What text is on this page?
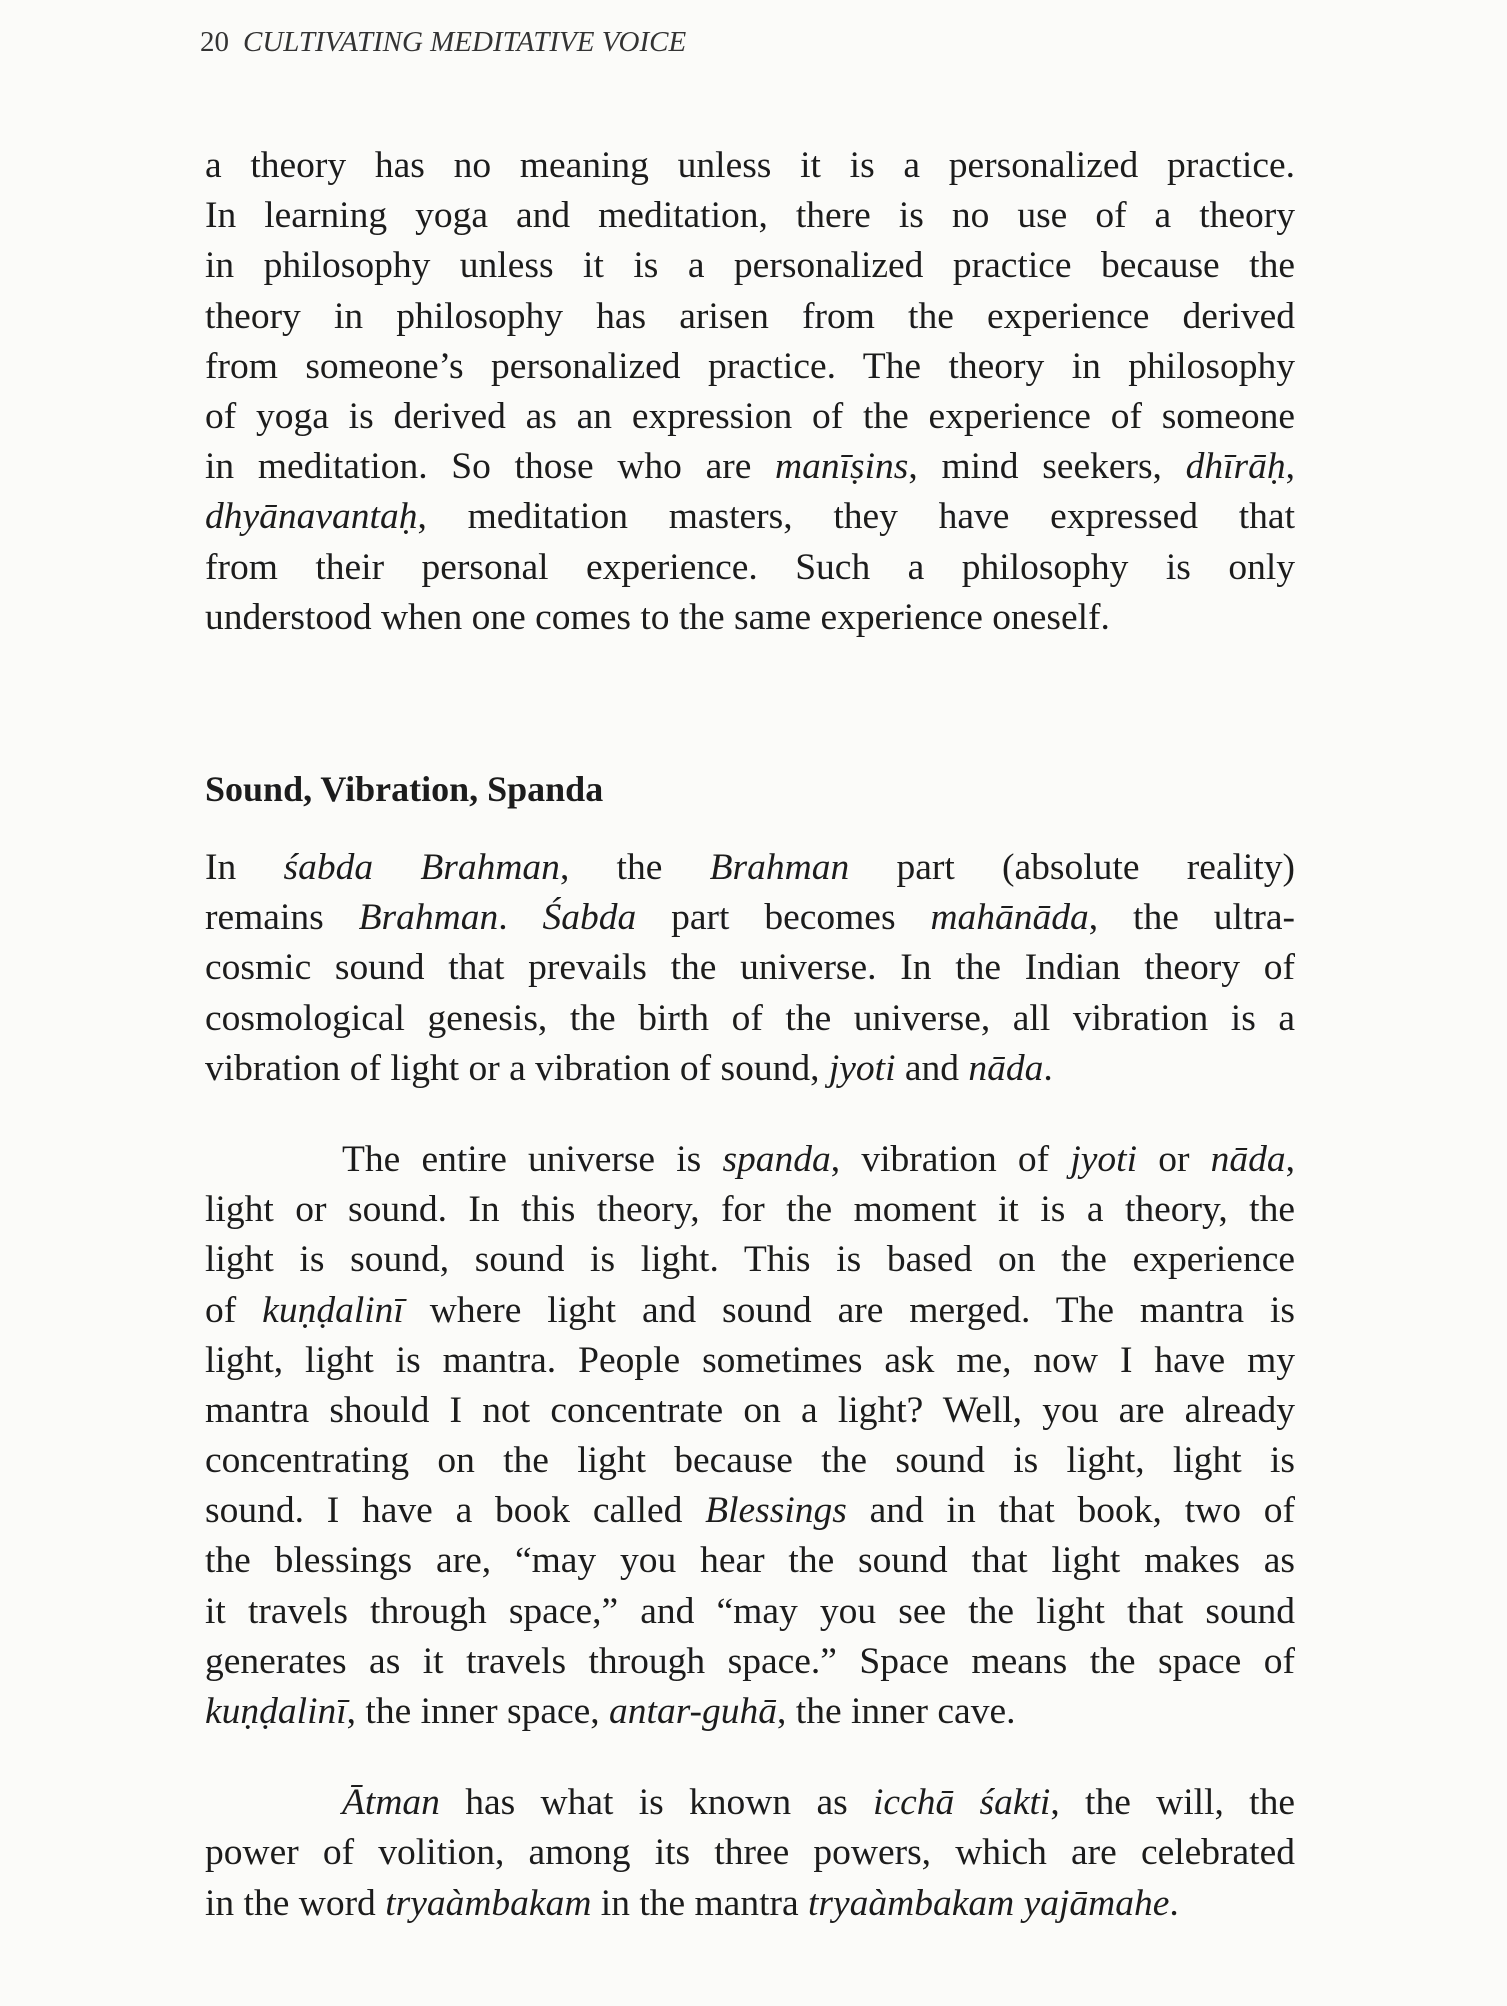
20 CULTIVATING MEDITATIVE VOICE
a theory has no meaning unless it is a personalized practice.
In learning yoga and meditation, there is no use of a theory
in philosophy unless it is a personalized practice because the
theory in philosophy has arisen from the experience derived
from someone’s personalized practice. The theory in philosophy
of yoga is derived as an expression of the experience of someone
in meditation. So those who are manīṣins, mind seekers, dhīrāḥ,
dhyānavantaḥ, meditation masters, they have expressed that
from their personal experience. Such a philosophy is only
understood when one comes to the same experience oneself.
Sound, Vibration, Spanda
In śabda Brahman, the Brahman part (absolute reality)
remains Brahman. Śabda part becomes mahānāda, the ultra-
cosmic sound that prevails the universe. In the Indian theory of
cosmological genesis, the birth of the universe, all vibration is a
vibration of light or a vibration of sound, jyoti and nāda.
The entire universe is spanda, vibration of jyoti or nāda,
light or sound. In this theory, for the moment it is a theory, the
light is sound, sound is light. This is based on the experience
of kuṇḍalinī where light and sound are merged. The mantra is
light, light is mantra. People sometimes ask me, now I have my
mantra should I not concentrate on a light? Well, you are already
concentrating on the light because the sound is light, light is
sound. I have a book called Blessings and in that book, two of
the blessings are, “may you hear the sound that light makes as
it travels through space,” and “may you see the light that sound
generates as it travels through space.” Space means the space of
kuṇḍalinī, the inner space, antar-guhā, the inner cave.
Ātman has what is known as icchā śakti, the will, the
power of volition, among its three powers, which are celebrated
in the word tryaàmbakam in the mantra tryaàmbakam yajāmahe.
